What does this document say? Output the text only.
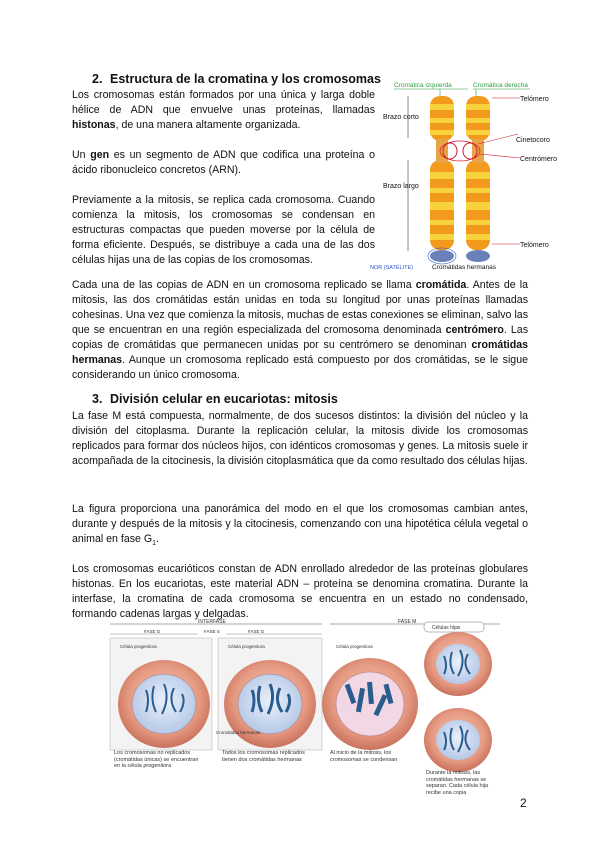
2. Estructura de la cromatina y los cromosomas

Los cromosomas están formados por una única y larga doble hélice de ADN que envuelve unas proteínas, llamadas histonas, de una manera altamente organizada.

Un gen es un segmento de ADN que codifica una proteína o ácido ribonucleico concretos (ARN).

Previamente a la mitosis, se replica cada cromosoma. Cuando comienza la mitosis, los cromosomas se condensan en estructuras compactas que pueden moverse por la célula de forma eficiente. Después, se distribuye a cada una de las dos células hijas una de las copias de los cromosomas.

Cromática izquierda	Cromática derecha
Brazo corto
Brazo largo
Telómero
Cinetocoro
Centrómero
Telómero
NOR (SATÉLITE)	Cromátidas hermanas

Cada una de las copias de ADN en un cromosoma replicado se llama cromátida. Antes de la mitosis, las dos cromátidas están unidas en toda su longitud por unas proteínas llamadas cohesinas. Una vez que comienza la mitosis, muchas de estas conexiones se eliminan, salvo las que se encuentran en una región especializada del cromosoma denominada centrómero. Las copias de cromátidas que permanecen unidas por su centrómero se denominan cromátidas hermanas. Aunque un cromosoma replicado está compuesto por dos cromátidas, se le sigue considerando un único cromosoma.

3. División celular en eucariotas: mitosis

La fase M está compuesta, normalmente, de dos sucesos distintos: la división del núcleo y la división del citoplasma. Durante la replicación celular, la mitosis divide los cromosomas replicados para formar dos núcleos hijos, con idénticos cromosomas y genes. La mitosis suele ir acompañada de la citocinesis, la división citoplasmática que da como resultado dos células hijas.

La figura proporciona una panorámica del modo en el que los cromosomas cambian antes, durante y después de la mitosis y la citocinesis, comenzando con una hipotética célula vegetal o animal en fase $G_1$.

Los cromosomas eucarióticos constan de ADN enrollado alrededor de las proteínas globulares histonas. En los eucariotas, este material ADN – proteína se denomina cromatina. Durante la interfase, la cromatina de cada cromosoma se encuentra en un estado no condensado, formando cadenas largas y delgadas.

INTERFASE
FASE G	FASE S	FASE G
FASE M
Células hijas
Célula progenitora	Célula progenitora	Célula progenitora
Cromátidas hermanas
Los cromosomas no replicados (cromátidas únicas) se encuentran en la célula progenitora
Todos los cromosomas replicados tienen dos cromátidas hermanas
Al inicio de la mitosis, los cromosomas se condensan
Durante la mitosis, las cromátidas hermanas se separan. Cada célula hija recibe una copia
2
